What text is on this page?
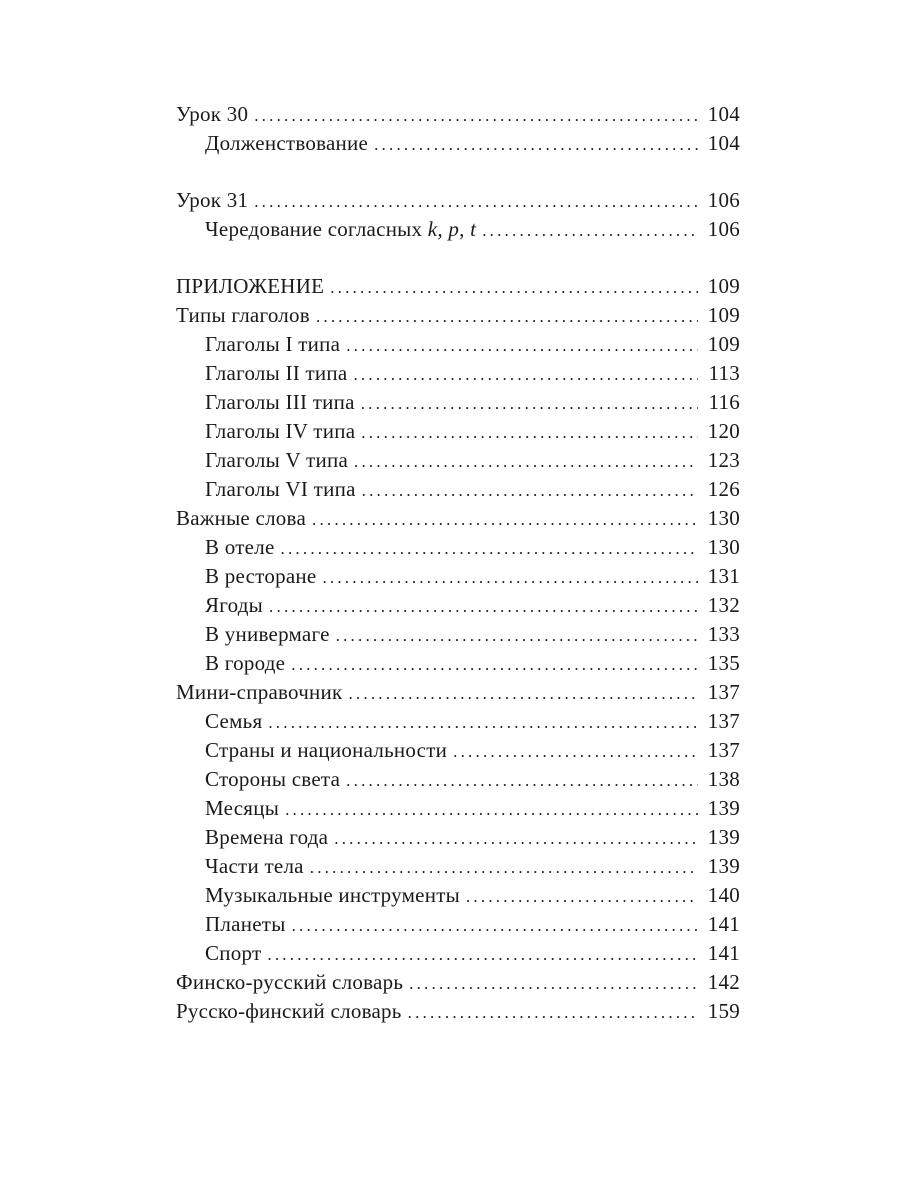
Урок 30 .....	104
Долженствование .....	104
Урок 31 .....	106
Чередование согласных k, p, t .....	106
ПРИЛОЖЕНИЕ .....	109
Типы глаголов .....	109
Глаголы I типа .....	109
Глаголы II типа .....	113
Глаголы III типа .....	116
Глаголы IV типа .....	120
Глаголы V типа .....	123
Глаголы VI типа .....	126
Важные слова .....	130
В отеле .....	130
В ресторане .....	131
Ягоды .....	132
В универмаге .....	133
В городе .....	135
Мини-справочник .....	137
Семья .....	137
Страны и национальности .....	137
Стороны света .....	138
Месяцы .....	139
Времена года .....	139
Части тела .....	139
Музыкальные инструменты .....	140
Планеты .....	141
Спорт .....	141
Финско-русский словарь .....	142
Русско-финский словарь .....	159
